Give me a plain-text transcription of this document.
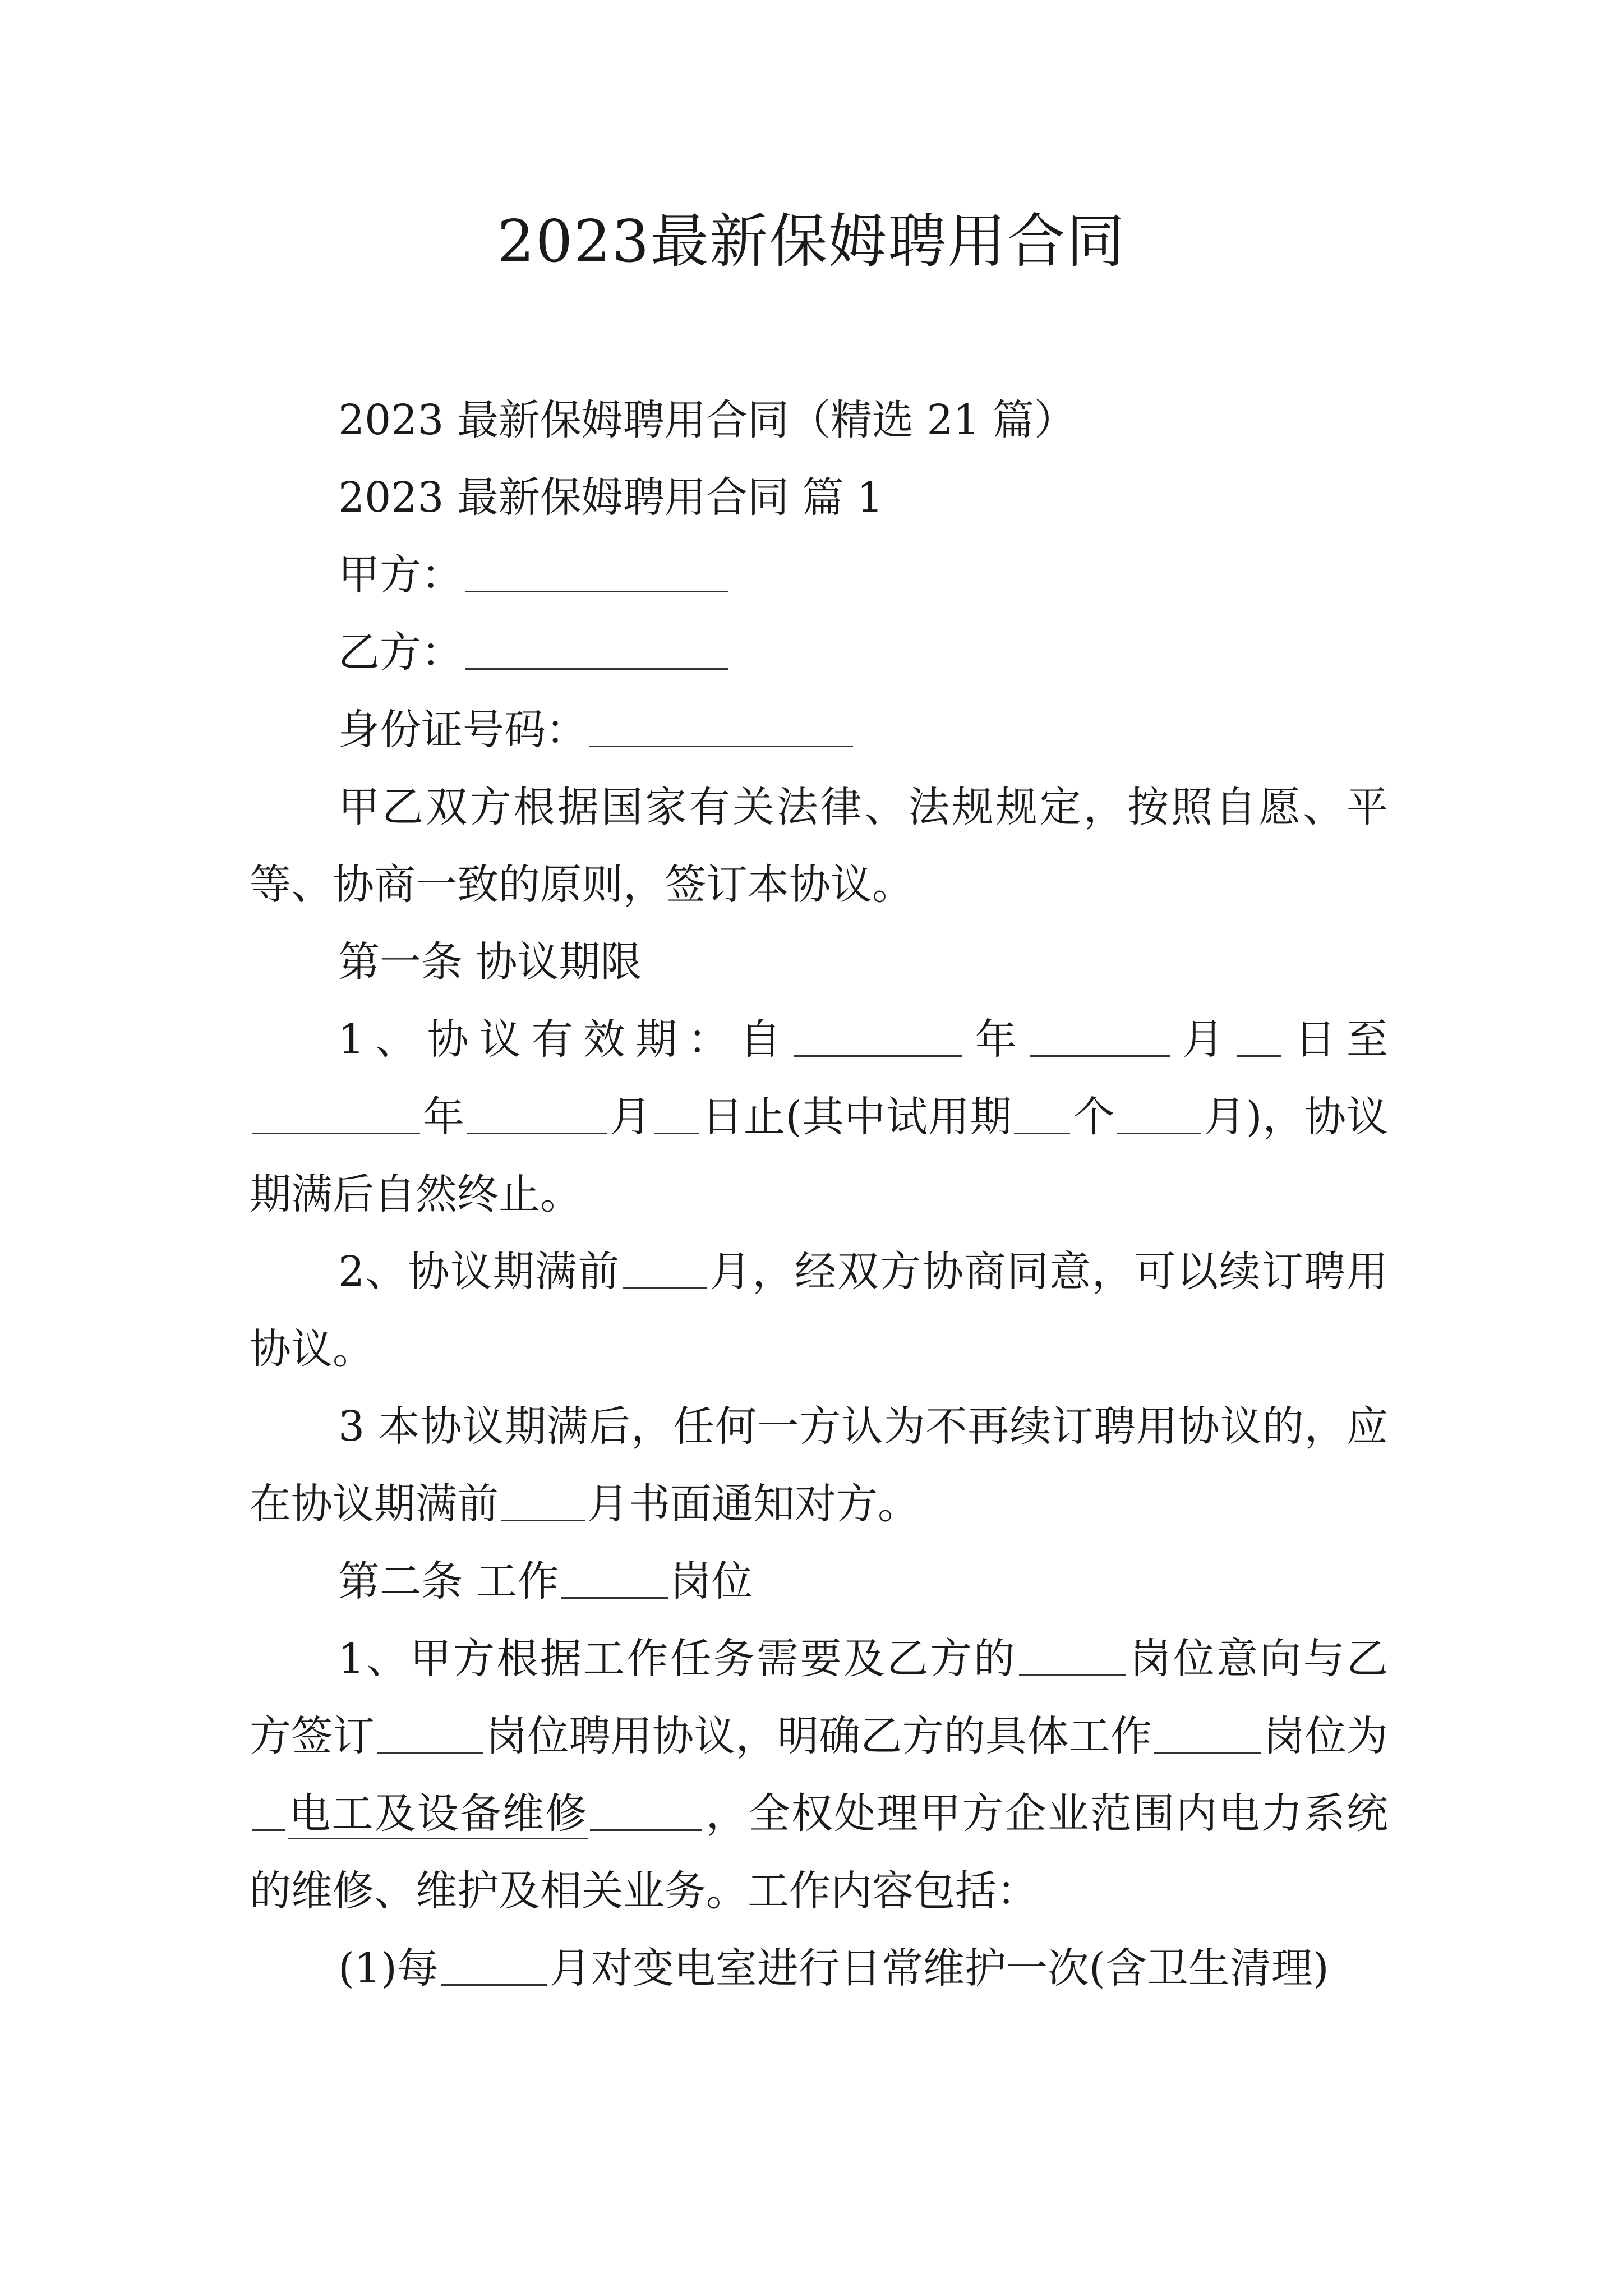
2023最新保姆聘用合同

2023 最新保姆聘用合同（精选 21 篇）

2023 最新保姆聘用合同 篇 1

甲方：

乙方：

身份证号码：

甲乙双方根据国家有关法律、法规规定，按照自愿、平等、协商一致的原则，签订本协议。

第一条 协议期限

1、协议有效期：自	年	月 日至年	月 日止(其中试用期 个 月)，协议期满后自然终止。

2、协议期满前 月，经双方协商同意，可以续订聘用协议。

3 本协议期满后，任何一方认为不再续订聘用协议的，应在协议期满前 月书面通知对方。

第二条 工作	岗位

1、甲方根据工作任务需要及乙方的	岗位意向与乙方签订	岗位聘用协议，明确乙方的具体工作	岗位为电工及设备维修	，全权处理甲方企业范围内电力系统的维修、维护及相关业务。工作内容包括：

(1)每	月对变电室进行日常维护一次(含卫生清理)
